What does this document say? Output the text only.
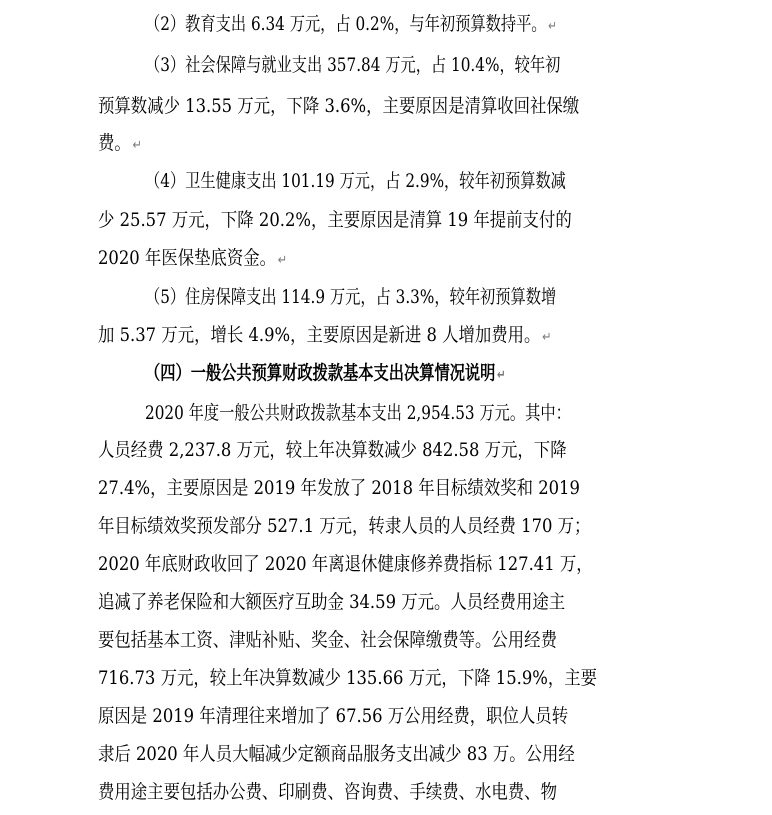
（2）教育支出 6.34 万元，占 0.2%，与年初预算数持平。 ↵
（3）社会保障与就业支出 357.84 万元，占 10.4%，较年初
预算数减少 13.55 万元，下降 3.6%，主要原因是清算收回社保缴
费。 ↵
（4）卫生健康支出 101.19 万元，占 2.9%，较年初预算数减
少 25.57 万元，下降 20.2%，主要原因是清算 19 年提前支付的
2020 年医保垫底资金。 ↵
（5）住房保障支出 114.9 万元，占 3.3%，较年初预算数增
加 5.37 万元，增长 4.9%，主要原因是新进 8 人增加费用。 ↵
（四）一般公共预算财政拨款基本支出决算情况说明 ↵
2020 年度一般公共财政拨款基本支出 2,954.53 万元。其中：
人员经费 2,237.8 万元，较上年决算数减少 842.58 万元，下降
27.4%，主要原因是 2019 年发放了 2018 年目标绩效奖和 2019
年目标绩效奖预发部分 527.1 万元，转隶人员的人员经费 170 万；
2020 年底财政收回了 2020 年离退休健康修养费指标 127.41 万，
追减了养老保险和大额医疗互助金 34.59 万元。人员经费用途主
要包括基本工资、津贴补贴、奖金、社会保障缴费等。公用经费
716.73 万元，较上年决算数减少 135.66 万元，下降 15.9%，主要
原因是 2019 年清理往来增加了 67.56 万公用经费，职位人员转
隶后 2020 年人员大幅减少定额商品服务支出减少 83 万。公用经
费用途主要包括办公费、印刷费、咨询费、手续费、水电费、物
